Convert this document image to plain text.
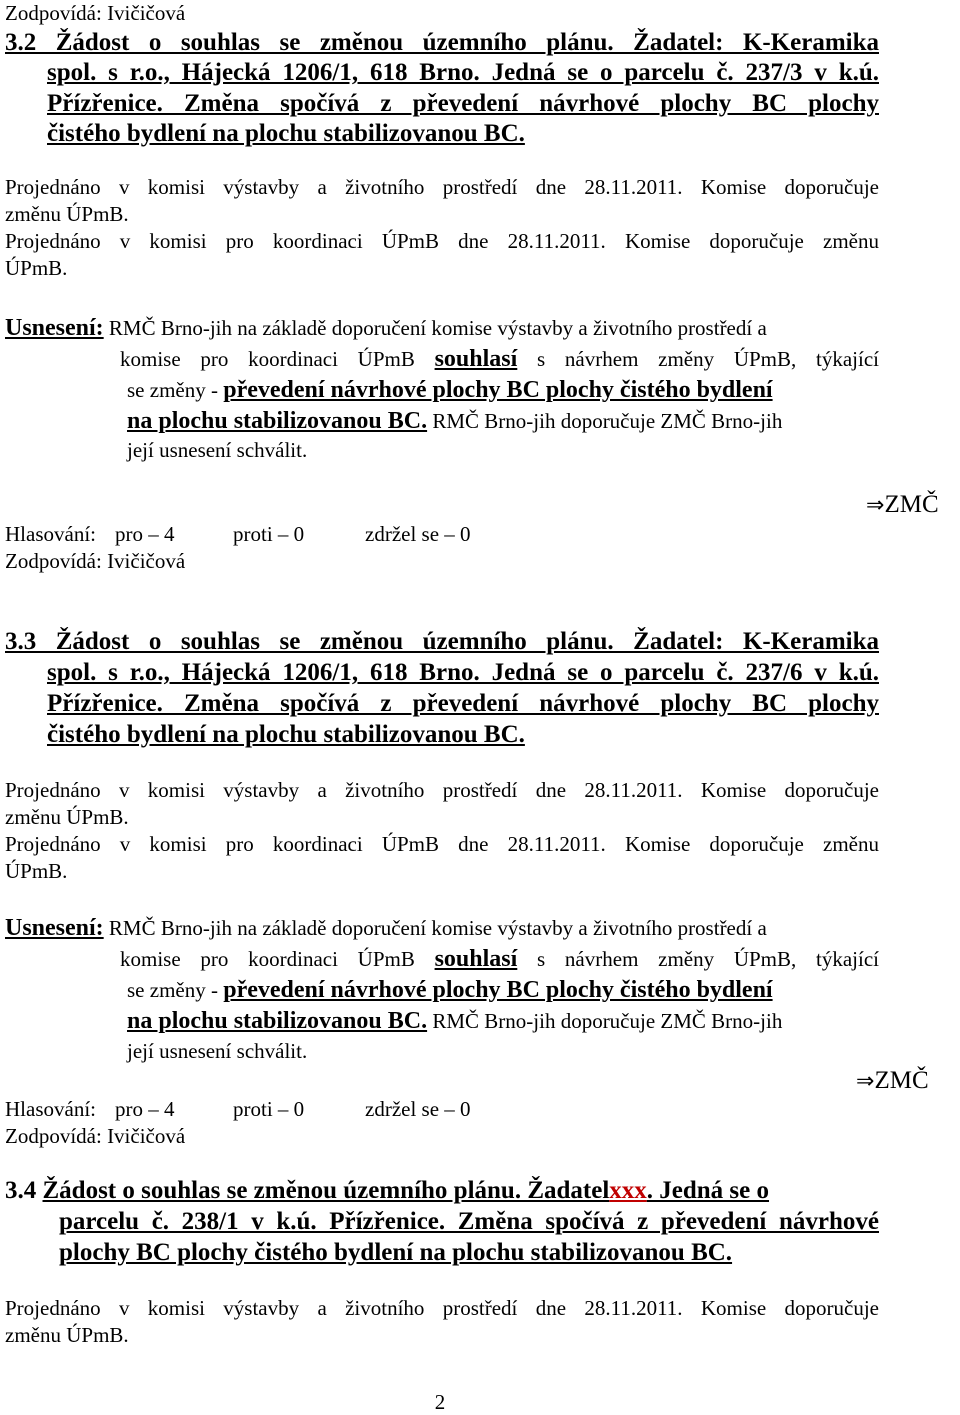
Zodpovídá: Ivičičová
3.2 Žádost o souhlas se změnou územního plánu. Žadatel: K-Keramika
spol. s r.o., Hájecká 1206/1, 618 Brno. Jedná se o parcelu č. 237/3 v k.ú.
Přízřenice. Změna spočívá z převedení návrhové plochy BC plochy
čistého bydlení na plochu stabilizovanou BC.
Projednáno v komisi výstavby a životního prostředí dne 28.11.2011. Komise doporučuje
změnu ÚPmB.
Projednáno v komisi pro koordinaci ÚPmB dne 28.11.2011. Komise doporučuje změnu
ÚPmB.
Usnesení: RMČ Brno-jih na základě doporučení komise výstavby a životního prostředí a
komise pro koordinaci ÚPmB souhlasí s návrhem změny ÚPmB, týkající
se změny - převedení návrhové plochy BC plochy čistého bydlení
na plochu stabilizovanou BC. RMČ Brno-jih doporučuje ZMČ Brno-jih
její usnesení schválit.
⇒ZMČ
Hlasování: pro – 4	proti – 0	zdržel se – 0
Zodpovídá: Ivičičová
3.3 Žádost o souhlas se změnou územního plánu. Žadatel: K-Keramika
spol. s r.o., Hájecká 1206/1, 618 Brno. Jedná se o parcelu č. 237/6 v k.ú.
Přízřenice. Změna spočívá z převedení návrhové plochy BC plochy
čistého bydlení na plochu stabilizovanou BC.
Projednáno v komisi výstavby a životního prostředí dne 28.11.2011. Komise doporučuje
změnu ÚPmB.
Projednáno v komisi pro koordinaci ÚPmB dne 28.11.2011. Komise doporučuje změnu
ÚPmB.
Usnesení: RMČ Brno-jih na základě doporučení komise výstavby a životního prostředí a
komise pro koordinaci ÚPmB souhlasí s návrhem změny ÚPmB, týkající
se změny - převedení návrhové plochy BC plochy čistého bydlení
na plochu stabilizovanou BC. RMČ Brno-jih doporučuje ZMČ Brno-jih
její usnesení schválit.
⇒ZMČ
Hlasování: pro – 4	proti – 0	zdržel se – 0
Zodpovídá: Ivičičová
3.4 Žádost o souhlas se změnou územního plánu. Žadatelxxx. Jedná se o
parcelu č. 238/1 v k.ú. Přízřenice. Změna spočívá z převedení návrhové
plochy BC plochy čistého bydlení na plochu stabilizovanou BC.
Projednáno v komisi výstavby a životního prostředí dne 28.11.2011. Komise doporučuje
změnu ÚPmB.
2
